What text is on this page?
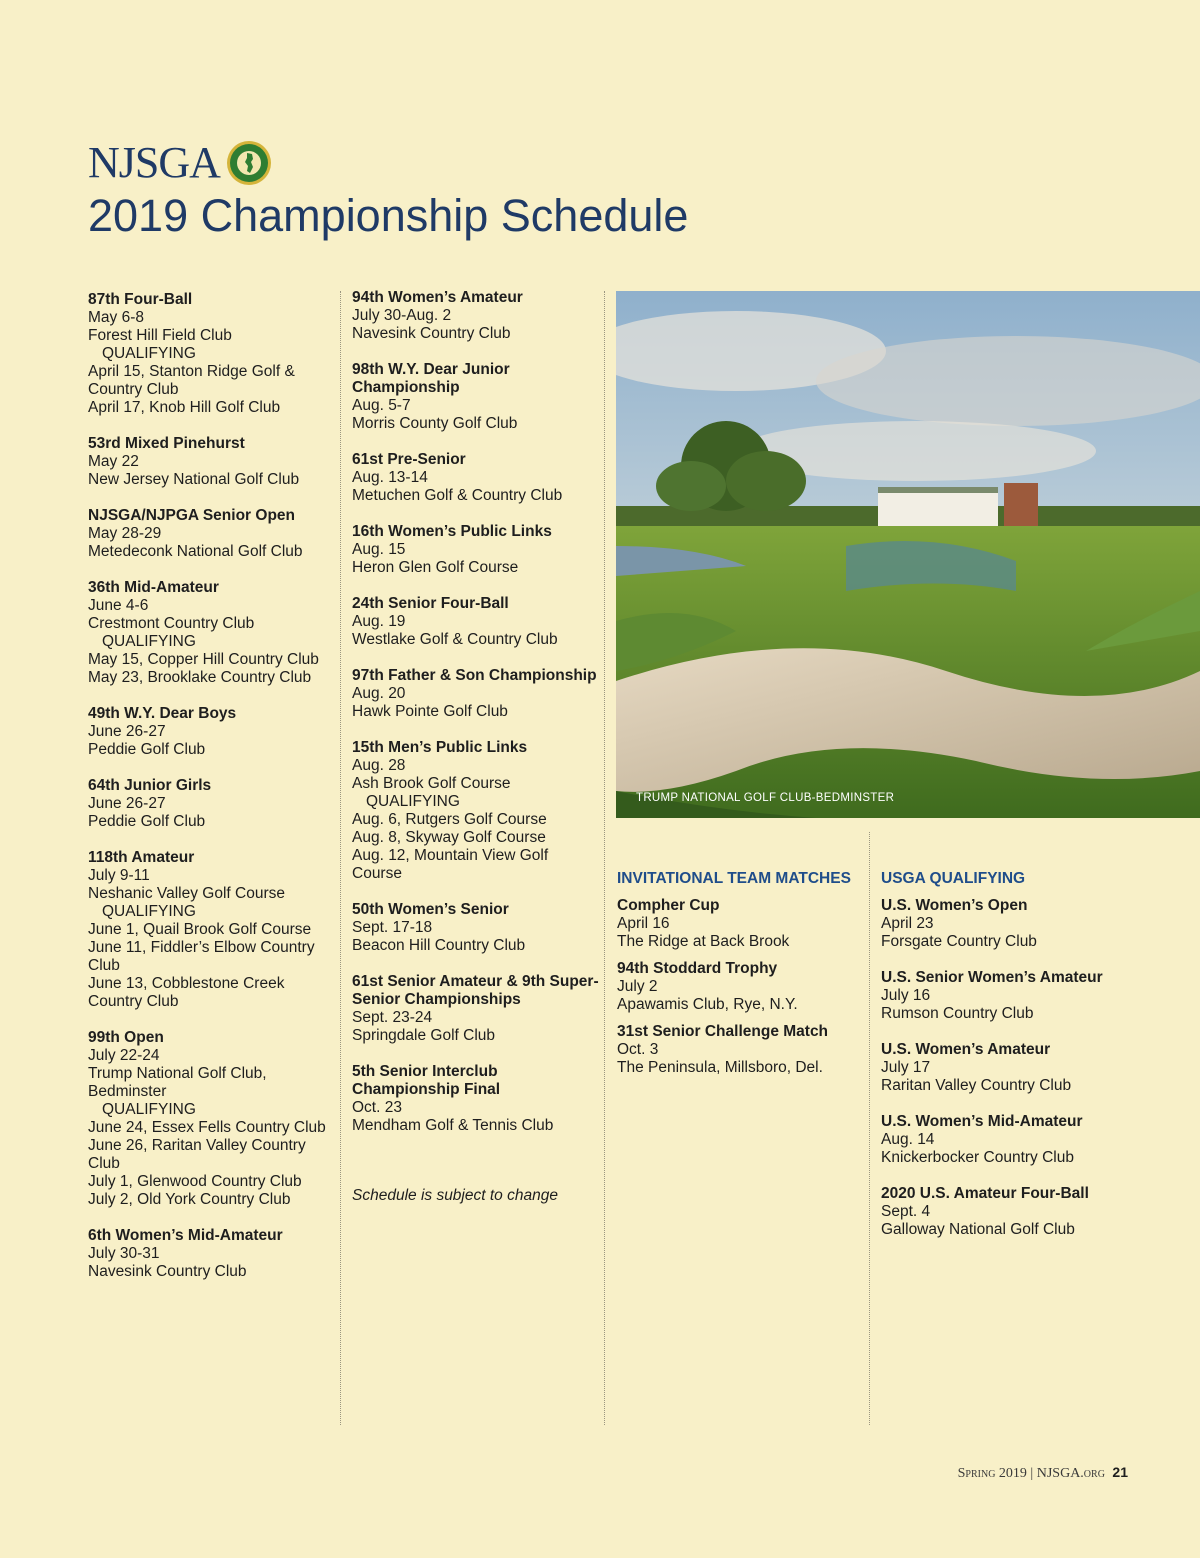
NJSGA
2019 Championship Schedule
87th Four-Ball
May 6-8
Forest Hill Field Club
QUALIFYING
April 15, Stanton Ridge Golf & Country Club
April 17, Knob Hill Golf Club
53rd Mixed Pinehurst
May 22
New Jersey National Golf Club
NJSGA/NJPGA Senior Open
May 28-29
Metedeconk National Golf Club
36th Mid-Amateur
June 4-6
Crestmont Country Club
QUALIFYING
May 15, Copper Hill Country Club
May 23, Brooklake Country Club
49th W.Y. Dear Boys
June 26-27
Peddie Golf Club
64th Junior Girls
June 26-27
Peddie Golf Club
118th Amateur
July 9-11
Neshanic Valley Golf Course
QUALIFYING
June 1, Quail Brook Golf Course
June 11, Fiddler’s Elbow Country Club
June 13, Cobblestone Creek Country Club
99th Open
July 22-24
Trump National Golf Club, Bedminster
QUALIFYING
June 24, Essex Fells Country Club
June 26, Raritan Valley Country Club
July 1, Glenwood Country Club
July 2, Old York Country Club
6th Women’s Mid-Amateur
July 30-31
Navesink Country Club
94th Women’s Amateur
July 30-Aug. 2
Navesink Country Club
98th W.Y. Dear Junior Championship
Aug. 5-7
Morris County Golf Club
61st Pre-Senior
Aug. 13-14
Metuchen Golf & Country Club
16th Women’s Public Links
Aug. 15
Heron Glen Golf Course
24th Senior Four-Ball
Aug. 19
Westlake Golf & Country Club
97th Father & Son Championship
Aug. 20
Hawk Pointe Golf Club
15th Men’s Public Links
Aug. 28
Ash Brook Golf Course
QUALIFYING
Aug. 6, Rutgers Golf Course
Aug. 8, Skyway Golf Course
Aug. 12, Mountain View Golf Course
50th Women’s Senior
Sept. 17-18
Beacon Hill Country Club
61st Senior Amateur & 9th Super-Senior Championships
Sept. 23-24
Springdale Golf Club
5th Senior Interclub Championship Final
Oct. 23
Mendham Golf & Tennis Club
Schedule is subject to change
TRUMP NATIONAL GOLF CLUB-BEDMINSTER
INVITATIONAL TEAM MATCHES
Compher Cup
April 16
The Ridge at Back Brook
94th Stoddard Trophy
July 2
Apawamis Club, Rye, N.Y.
31st Senior Challenge Match
Oct. 3
The Peninsula, Millsboro, Del.
USGA QUALIFYING
U.S. Women’s Open
April 23
Forsgate Country Club
U.S. Senior Women’s Amateur
July 16
Rumson Country Club
U.S. Women’s Amateur
July 17
Raritan Valley Country Club
U.S. Women’s Mid-Amateur
Aug. 14
Knickerbocker Country Club
2020 U.S. Amateur Four-Ball
Sept. 4
Galloway National Golf Club
Spring 2019 | NJSGA.org 21
